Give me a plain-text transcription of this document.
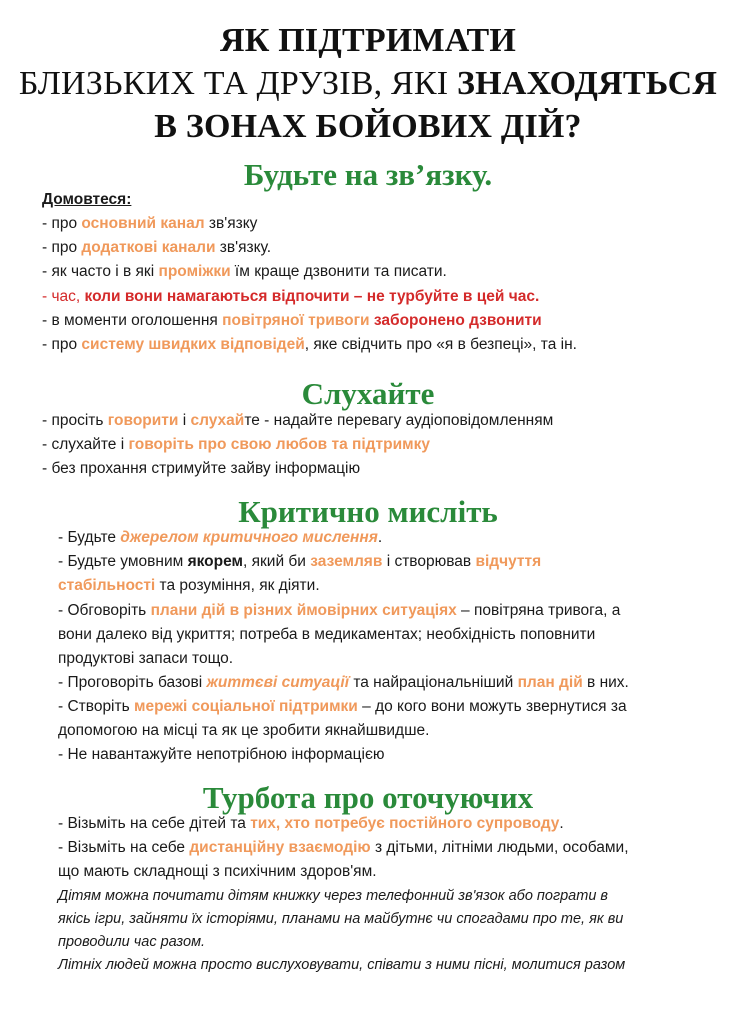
ЯК ПІДТРИМАТИ
БЛИЗЬКИХ ТА ДРУЗІВ, ЯКІ ЗНАХОДЯТЬСЯ
В ЗОНАХ БОЙОВИХ ДІЙ?
Будьте на зв’язку.
Домовтеся:
- про основний канал зв'язку
- про додаткові канали зв'язку.
- як часто і в які проміжки їм краще дзвонити та писати.
- час, коли вони намагаються відпочити – не турбуйте в цей час.
- в моменти оголошення повітряної тривоги заборонено дзвонити
- про систему швидких відповідей, яке свідчить про «я в безпеці», та ін.
Слухайте
- просіть говорити і слухайте - надайте перевагу аудіоповідомленням
- слухайте і говоріть про свою любов та підтримку
- без прохання стримуйте зайву інформацію
Критично мисліть
- Будьте джерелом критичного мислення.
- Будьте умовним якорем, який би заземляв і створював відчуття
стабільності та розуміння, як діяти.
- Обговоріть плани дій в різних ймовірних ситуаціях – повітряна тривога, а
вони далеко від укриття; потреба в медикаментах; необхідність поповнити
продуктові запаси тощо.
- Проговоріть базові життєві ситуації та найраціональніший план дій в них.
- Створіть мережі соціальної підтримки – до кого вони можуть звернутися за
допомогою на місці та як це зробити якнайшвидше.
- Не навантажуйте непотрібною інформацією
Турбота про оточуючих
- Візьміть на себе дітей та тих, хто потребує постійного супроводу.
- Візьміть на себе дистанційну взаємодію з дітьми, літніми людьми, особами,
що мають складнощі з психічним здоров'ям.
Дітям можна почитати дітям книжку через телефонний зв'язок або пограти в
якісь ігри, зайняти їх історіями, планами на майбутнє чи спогадами про те, як ви
проводили час разом.
Літніх людей можна просто вислуховувати, співати з ними пісні, молитися разом
